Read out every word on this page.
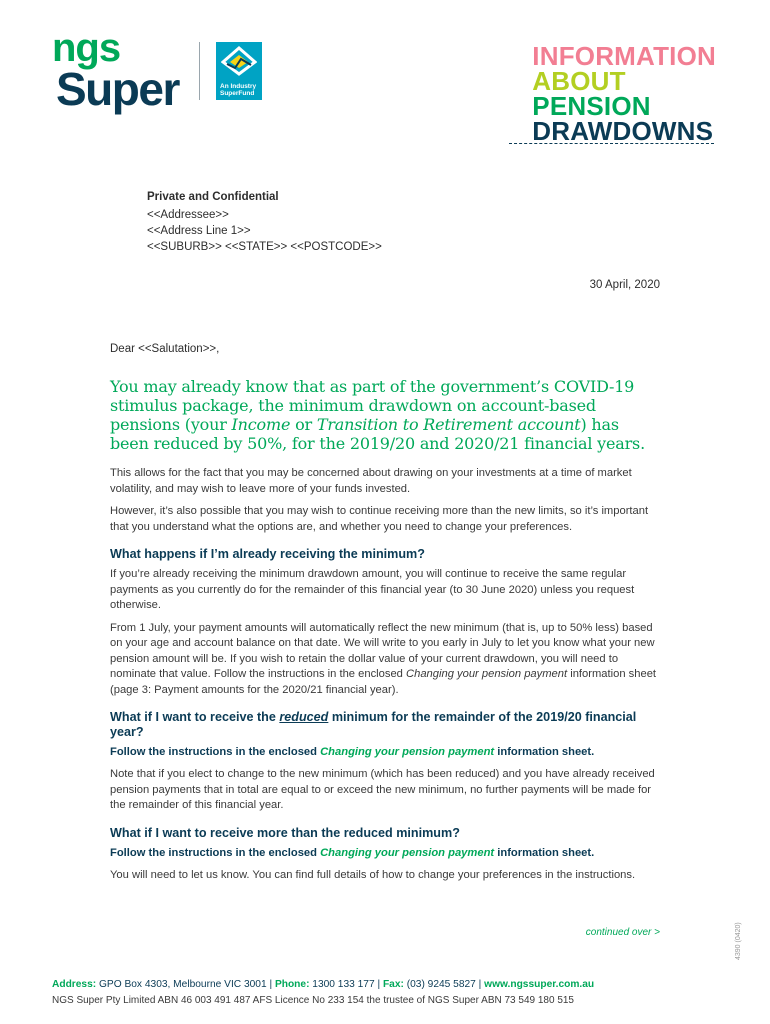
ngs
Super	An Industry
SuperFund
INFORMATION
ABOUT
PENSION
DRAWDOWNS
Private and Confidential
<<Addressee>>
<<Address Line 1>>
<<SUBURB>> <<STATE>> <<POSTCODE>>
30 April, 2020
Dear <<Salutation>>,

You may already know that as part of the government’s COVID-19 stimulus package, the minimum drawdown on account-based pensions (your Income or Transition to Retirement account) has been reduced by 50%, for the 2019/20 and 2020/21 financial years.

This allows for the fact that you may be concerned about drawing on your investments at a time of market volatility, and may wish to leave more of your funds invested.

However, it’s also possible that you may wish to continue receiving more than the new limits, so it’s important that you understand what the options are, and whether you need to change your preferences.

What happens if I’m already receiving the minimum?

If you’re already receiving the minimum drawdown amount, you will continue to receive the same regular payments as you currently do for the remainder of this financial year (to 30 June 2020) unless you request otherwise.

From 1 July, your payment amounts will automatically reflect the new minimum (that is, up to 50% less) based on your age and account balance on that date. We will write to you early in July to let you know what your new pension amount will be. If you wish to retain the dollar value of your current drawdown, you will need to nominate that value. Follow the instructions in the enclosed Changing your pension payment information sheet (page 3: Payment amounts for the 2020/21 financial year).

What if I want to receive the reduced minimum for the remainder of the 2019/20 financial year?

Follow the instructions in the enclosed Changing your pension payment information sheet.

Note that if you elect to change to the new minimum (which has been reduced) and you have already received pension payments that in total are equal to or exceed the new minimum, no further payments will be made for the remainder of this financial year.

What if I want to receive more than the reduced minimum?

Follow the instructions in the enclosed Changing your pension payment information sheet.

You will need to let us know. You can find full details of how to change your preferences in the instructions.

continued over >
Address: GPO Box 4303, Melbourne VIC 3001 | Phone: 1300 133 177 | Fax: (03) 9245 5827 | www.ngssuper.com.au
NGS Super Pty Limited ABN 46 003 491 487 AFS Licence No 233 154 the trustee of NGS Super ABN 73 549 180 515
4390 (0420)
